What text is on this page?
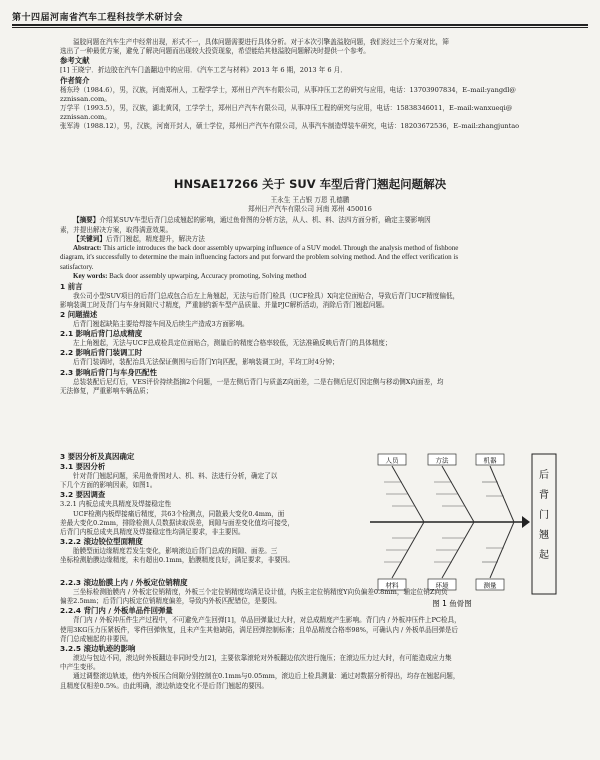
第十四届河南省汽车工程科技学术研讨会

溢胶问题在汽车生产中经常出现，形式不一，具体问题需要进行具体分析。对于本次引擎盖溢胶问题，我们经过三个方案对比，筛

选出了一种最优方案，避免了解决问题而出现较大投资现象，希望能给其他溢胶问题解决时提供一个参考。

参考文献

[1] 王晓宁．折边胶在汽车门盖翻边中的应用．《汽车工艺与材料》2013 年 6 期，2013 年 6 月．

作者简介

杨东玲（1984.6），男，汉族，河南郑州人，工程学学士，郑州日产汽车有限公司，从事冲压工艺的研究与应用，电话：13703907834，E–mail:yangdl@

zznissan.com。

万学平（1993.5），男，汉族，湖北黄冈，工学学士，郑州日产汽车有限公司，从事冲压工程的研究与应用，电话：15838346011，E–mail:wanxueqi@

zznissan.com。

张军涛（1988.12），男，汉族，河南开封人，硕士学位，郑州日产汽车有限公司，从事汽车制造焊装车研究，电话：18203672536，E–mail:zhangjuntao

HNSAE17266 关于 SUV 车型后背门翘起问题解决

王永生 王占银 万恩 孔德鹏

郑州日产汽车有限公司 河南 郑州 450016

【摘要】介绍某SUV车型后背门总成翘起的影响，通过鱼骨图的分析方法，从人、机、料、法四方面分析，确定主要影响因

素，并提出解决方案，取得满意效果。

【关键词】后背门翘起，精度提升，解决方法

Abstract: This article introduces the back door assembly upwarping influence of a SUV model. Through the analysis method of fishbone

diagram, it's successfully to determine the main influencing factors and put forward the problem solving method. And the effect verification is

satisfactory.

Key words: Back door assembly upwarping, Accuracy promoting, Solving method

1 前言

我公司小型SUV项目的后背门总成包合后左上角翘起，无法与后背门检具（UCF检具）X向定位面贴合，导致后背门UCF精度偏低，

影响装调工时及背门与车身间隙尺寸精度，严重制约新车型产品质量、并量PJC解析活动，消除后背门翘起问题。

2 问题描述

后背门翘起缺陷主要给焊接车间及后续生产造成3方面影响。

2.1 影响后背门总成精度

左上角翘起，无法与UCF总成检具定位面贴合，测量后的精度合格率较低，无法准确反映后背门的具体精度；

2.2 影响后背门装调工时

后背门装调时，装配治具无法保证侧围与后背门Y向匹配，影响装调工时，平均工时4分钟；

2.3 影响后背门与车身匹配性

总装装配后尼灯后，VES评价持续指摘2个问题，一是左侧后背门与质盖Z向面差，二是右侧后尼灯因定侧与移动侧X向面差，均

无法修复，严重影响车辆品质；

3 要因分析及真因确定

3.1 要因分析

针对背门翘起问题，采用鱼骨图对人、机、料、法进行分析，确定了以

下几个方面的影响因素，如图1。

3.2 要因调查

3.2.1 内板总成夹具精度及焊接稳定性

UCF检测内板焊接痛后精度，共63个检测点，同散最大变化0.4mm，面

差最大变化0.2mm，排除检测人员数据读取误差，间隙与面差变化值均可接受，

后背门内板总成夹具精度及焊接稳定性均满足要求，非主要因。

3.2.2 滚边铰位型面精度

胎膜型面边缘精度若发生变化，影响滚边后背门总成的间隙、面差。三

坐标检测胎膜边缘精度，未有超出0.1mm，胎膜精度良好，满足要求，非要因。

后背门翘起
人员	方法	机器
材料	环境	测量
图 1 鱼骨图

2.2.3 滚边胎膜上内 / 外板定位销精度

三坐标检测胎膜内 / 外板定位销精度，外板三个定位销精度均满足设计值，内板主定位销精度Y向负偏差0.8mm，辅定位销Z向负

偏差2.5mm；后背门内板定位销精度偏差，导致内外板匹配错位，是要因。

2.2.4 背门内 / 外板单品件回弹量

背门内 / 外板冲压件生产过程中，不可避免产生回弹[1]，单品回弹量过大时，对总成精度产生影响。背门内 / 外板冲压件上PC检具，

使用3KG压力压紧板件，零件回弹恢复，且未产生其他缺陷，满足回弹控制标准；且单品精度合格率98%，可确认内 / 外板单品回弹是后

背门总成翘起的非要因。

3.2.5 滚边轨迹的影响

滚边与包边不同，滚边时外板翻边非同时受力[2]，主要依靠滚轮对外板翻边依次进行施压；在滚边压力过大时，有可能造成应力集

中产生变形。

通过调整滚边轨迹，使内外板压合间隙分别控制在0.1mm与0.05mm，滚边后上检具测量：通过对数据分析得出，均存在翘起问题，

且精度仅相差0.5%。由此明确，滚边轨迹变化不是后背门翘起的要因。
